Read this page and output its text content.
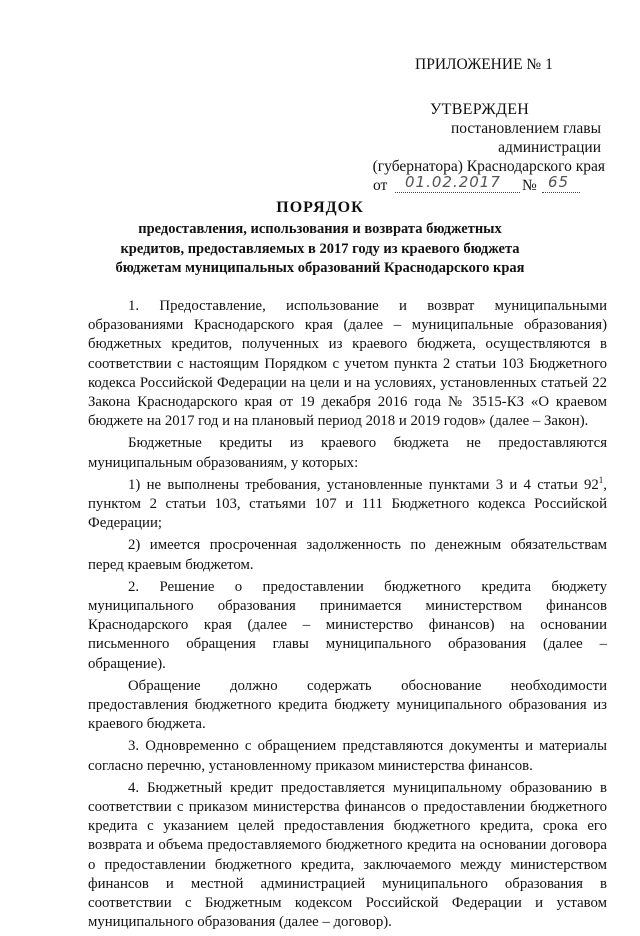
ПРИЛОЖЕНИЕ № 1
УТВЕРЖДЕН
постановлением главы администрации
(губернатора) Краснодарского края
от 01.02.2017 № 65
ПОРЯДОК
предоставления, использования и возврата бюджетных кредитов, предоставляемых в 2017 году из краевого бюджета бюджетам муниципальных образований Краснодарского края

1. Предоставление, использование и возврат муниципальными образованиями Краснодарского края (далее – муниципальные образования) бюджетных кредитов, полученных из краевого бюджета, осуществляются в соответствии с настоящим Порядком с учетом пункта 2 статьи 103 Бюджетного кодекса Российской Федерации на цели и на условиях, установленных статьей 22 Закона Краснодарского края от 19 декабря 2016 года № 3515-КЗ «О краевом бюджете на 2017 год и на плановый период 2018 и 2019 годов» (далее – Закон).

Бюджетные кредиты из краевого бюджета не предоставляются муниципальным образованиям, у которых:

1) не выполнены требования, установленные пунктами 3 и 4 статьи $92^1$, пунктом 2 статьи 103, статьями 107 и 111 Бюджетного кодекса Российской Федерации;

2) имеется просроченная задолженность по денежным обязательствам перед краевым бюджетом.

2. Решение о предоставлении бюджетного кредита бюджету муниципального образования принимается министерством финансов Краснодарского края (далее – министерство финансов) на основании письменного обращения главы муниципального образования (далее – обращение).

Обращение должно содержать обоснование необходимости предоставления бюджетного кредита бюджету муниципального образования из краевого бюджета.

3. Одновременно с обращением представляются документы и материалы согласно перечню, установленному приказом министерства финансов.

4. Бюджетный кредит предоставляется муниципальному образованию в соответствии с приказом министерства финансов о предоставлении бюджетного кредита с указанием целей предоставления бюджетного кредита, срока его возврата и объема предоставляемого бюджетного кредита на основании договора о предоставлении бюджетного кредита, заключаемого между министерством финансов и местной администрацией муниципального образования в соответствии с Бюджетным кодексом Российской Федерации и уставом муниципального образования (далее – договор).
